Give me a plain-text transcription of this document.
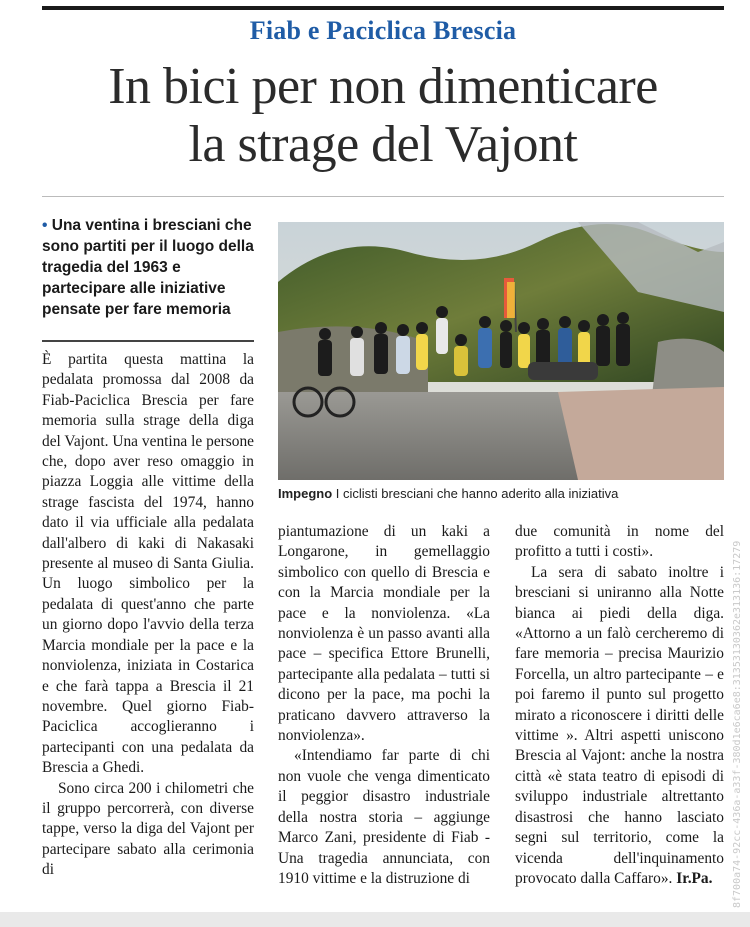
Fiab e Paciclica Brescia
In bici per non dimenticare
la strage del Vajont
• Una ventina i bresciani che sono partiti per il luogo della tragedia del 1963 e partecipare alle iniziative pensate per fare memoria
Impegno I ciclisti bresciani che hanno aderito alla iniziativa

È partita questa mattina la pedalata promossa dal 2008 da Fiab-Paciclica Brescia per fare memoria sulla strage della diga del Vajont. Una ventina le persone che, dopo aver reso omaggio in piazza Loggia alle vittime della strage fascista del 1974, hanno dato il via ufficiale alla pedalata dall'albero di kaki di Nakasaki presente al museo di Santa Giulia. Un luogo simbolico per la pedalata di quest'anno che parte un giorno dopo l'avvio della terza Marcia mondiale per la pace e la nonviolenza, iniziata in Costarica e che farà tappa a Brescia il 21 novembre. Quel giorno Fiab-Paciclica accoglieranno i partecipanti con una pedalata da Brescia a Ghedi.

Sono circa 200 i chilometri che il gruppo percorrerà, con diverse tappe, verso la diga del Vajont per partecipare sabato alla cerimonia di

piantumazione di un kaki a Longarone, in gemellaggio simbolico con quello di Brescia e con la Marcia mondiale per la pace e la nonviolenza. «La nonviolenza è un passo avanti alla pace – specifica Ettore Brunelli, partecipante alla pedalata – tutti si dicono per la pace, ma pochi la praticano davvero attraverso la nonviolenza».

«Intendiamo far parte di chi non vuole che venga dimenticato il peggior disastro industriale della nostra storia – aggiunge Marco Zani, presidente di Fiab - Una tragedia annunciata, con 1910 vittime e la distruzione di

due comunità in nome del profitto a tutti i costi».

La sera di sabato inoltre i bresciani si uniranno alla Notte bianca ai piedi della diga. «Attorno a un falò cercheremo di fare memoria – precisa Maurizio Forcella, un altro partecipante – e poi faremo il punto sul progetto mirato a riconoscere i diritti delle vittime ». Altri aspetti uniscono Brescia al Vajont: anche la nostra città «è stata teatro di episodi di sviluppo industriale altrettanto disastrosi che hanno lasciato segni sul territorio, come la vicenda dell'inquinamento provocato dalla Caffaro». Ir.Pa.	8f700a74-92cc-436a-a33f-380d1e6ca6e8:31353130362e313136:17279
